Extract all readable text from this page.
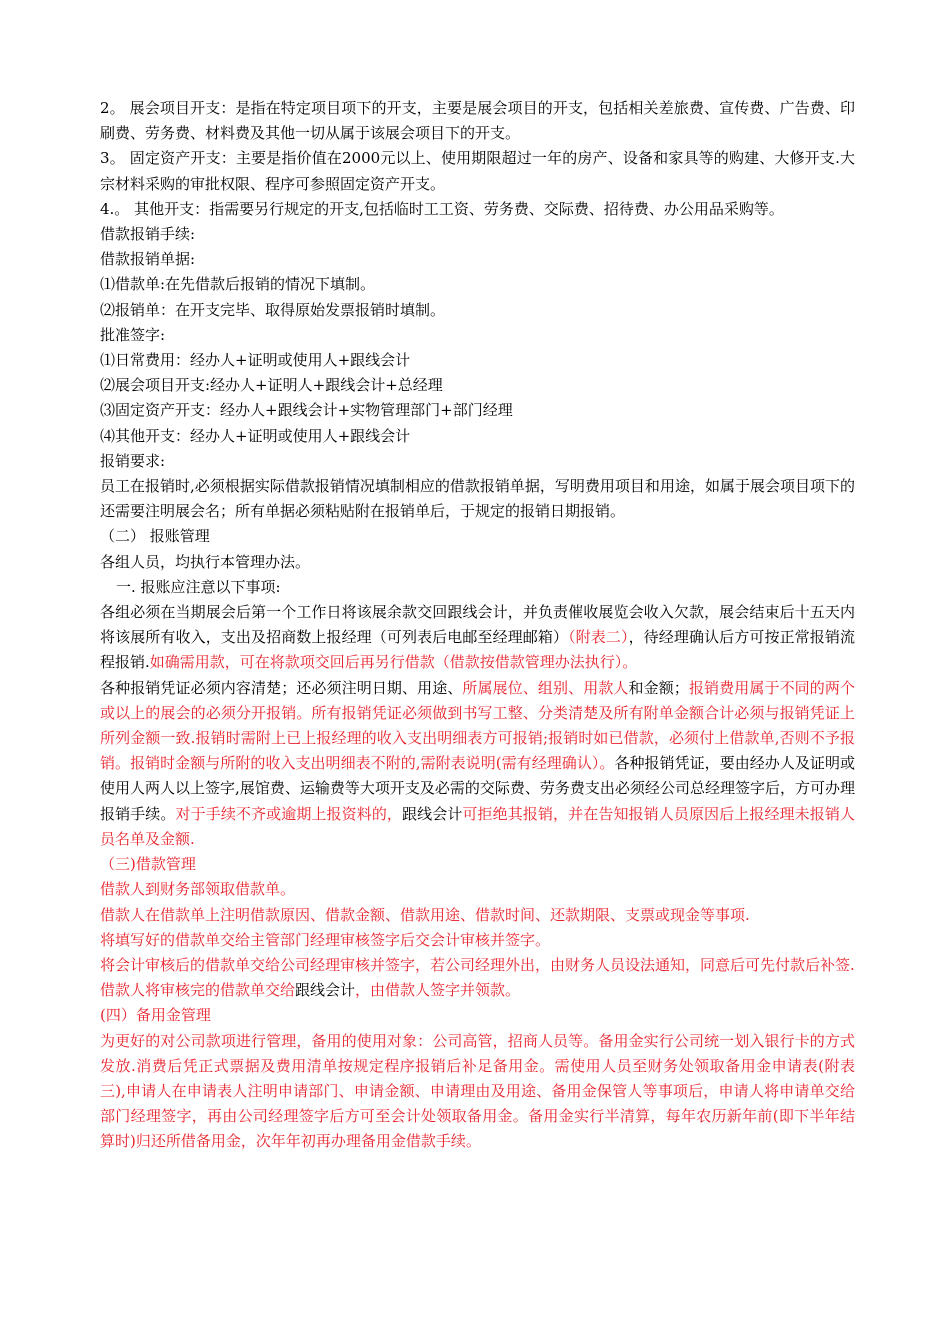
2。 展会项目开支：是指在特定项目项下的开支，主要是展会项目的开支，包括相关差旅费、宣传费、广告费、印刷费、劳务费、材料费及其他一切从属于该展会项目下的开支。

3。 固定资产开支：主要是指价值在2000元以上、使用期限超过一年的房产、设备和家具等的购建、大修开支.大宗材料采购的审批权限、程序可参照固定资产开支。

4.。 其他开支：指需要另行规定的开支,包括临时工工资、劳务费、交际费、招待费、办公用品采购等。

借款报销手续:

借款报销单据:

⑴借款单:在先借款后报销的情况下填制。

⑵报销单：在开支完毕、取得原始发票报销时填制。

批准签字:

⑴日常费用：经办人+证明或使用人+跟线会计

⑵展会项目开支:经办人+证明人+跟线会计+总经理

⑶固定资产开支：经办人+跟线会计+实物管理部门+部门经理

⑷其他开支：经办人+证明或使用人+跟线会计

报销要求:

员工在报销时,必须根据实际借款报销情况填制相应的借款报销单据，写明费用项目和用途，如属于展会项目项下的还需要注明展会名；所有单据必须粘贴附在报销单后，于规定的报销日期报销。

（二） 报账管理

各组人员，均执行本管理办法。

一. 报账应注意以下事项:

各组必须在当期展会后第一个工作日将该展余款交回跟线会计，并负责催收展览会收入欠款，展会结束后十五天内将该展所有收入，支出及招商数上报经理（可列表后电邮至经理邮箱）（附表二），待经理确认后方可按正常报销流程报销.如确需用款，可在将款项交回后再另行借款（借款按借款管理办法执行）。

各种报销凭证必须内容清楚；还必须注明日期、用途、所属展位、组别、用款人和金额；报销费用属于不同的两个或以上的展会的必须分开报销。所有报销凭证必须做到书写工整、分类清楚及所有附单金额合计必须与报销凭证上所列金额一致.报销时需附上已上报经理的收入支出明细表方可报销;报销时如已借款，必须付上借款单,否则不予报销。报销时金额与所附的收入支出明细表不附的,需附表说明(需有经理确认）。各种报销凭证，要由经办人及证明或使用人两人以上签字,展馆费、运输费等大项开支及必需的交际费、劳务费支出必须经公司总经理签字后，方可办理报销手续。对于手续不齐或逾期上报资料的，跟线会计可拒绝其报销，并在告知报销人员原因后上报经理未报销人员名单及金额.

（三)借款管理

借款人到财务部领取借款单。

借款人在借款单上注明借款原因、借款金额、借款用途、借款时间、还款期限、支票或现金等事项.

将填写好的借款单交给主管部门经理审核签字后交会计审核并签字。

将会计审核后的借款单交给公司经理审核并签字，若公司经理外出，由财务人员设法通知，同意后可先付款后补签.

借款人将审核完的借款单交给跟线会计，由借款人签字并领款。

(四）备用金管理

为更好的对公司款项进行管理，备用的使用对象：公司高管，招商人员等。备用金实行公司统一划入银行卡的方式发放.消费后凭正式票据及费用清单按规定程序报销后补足备用金。需使用人员至财务处领取备用金申请表(附表三),申请人在申请表人注明申请部门、申请金额、申请理由及用途、备用金保管人等事项后，申请人将申请单交给部门经理签字，再由公司经理签字后方可至会计处领取备用金。备用金实行半清算，每年农历新年前(即下半年结算时)归还所借备用金，次年年初再办理备用金借款手续。
